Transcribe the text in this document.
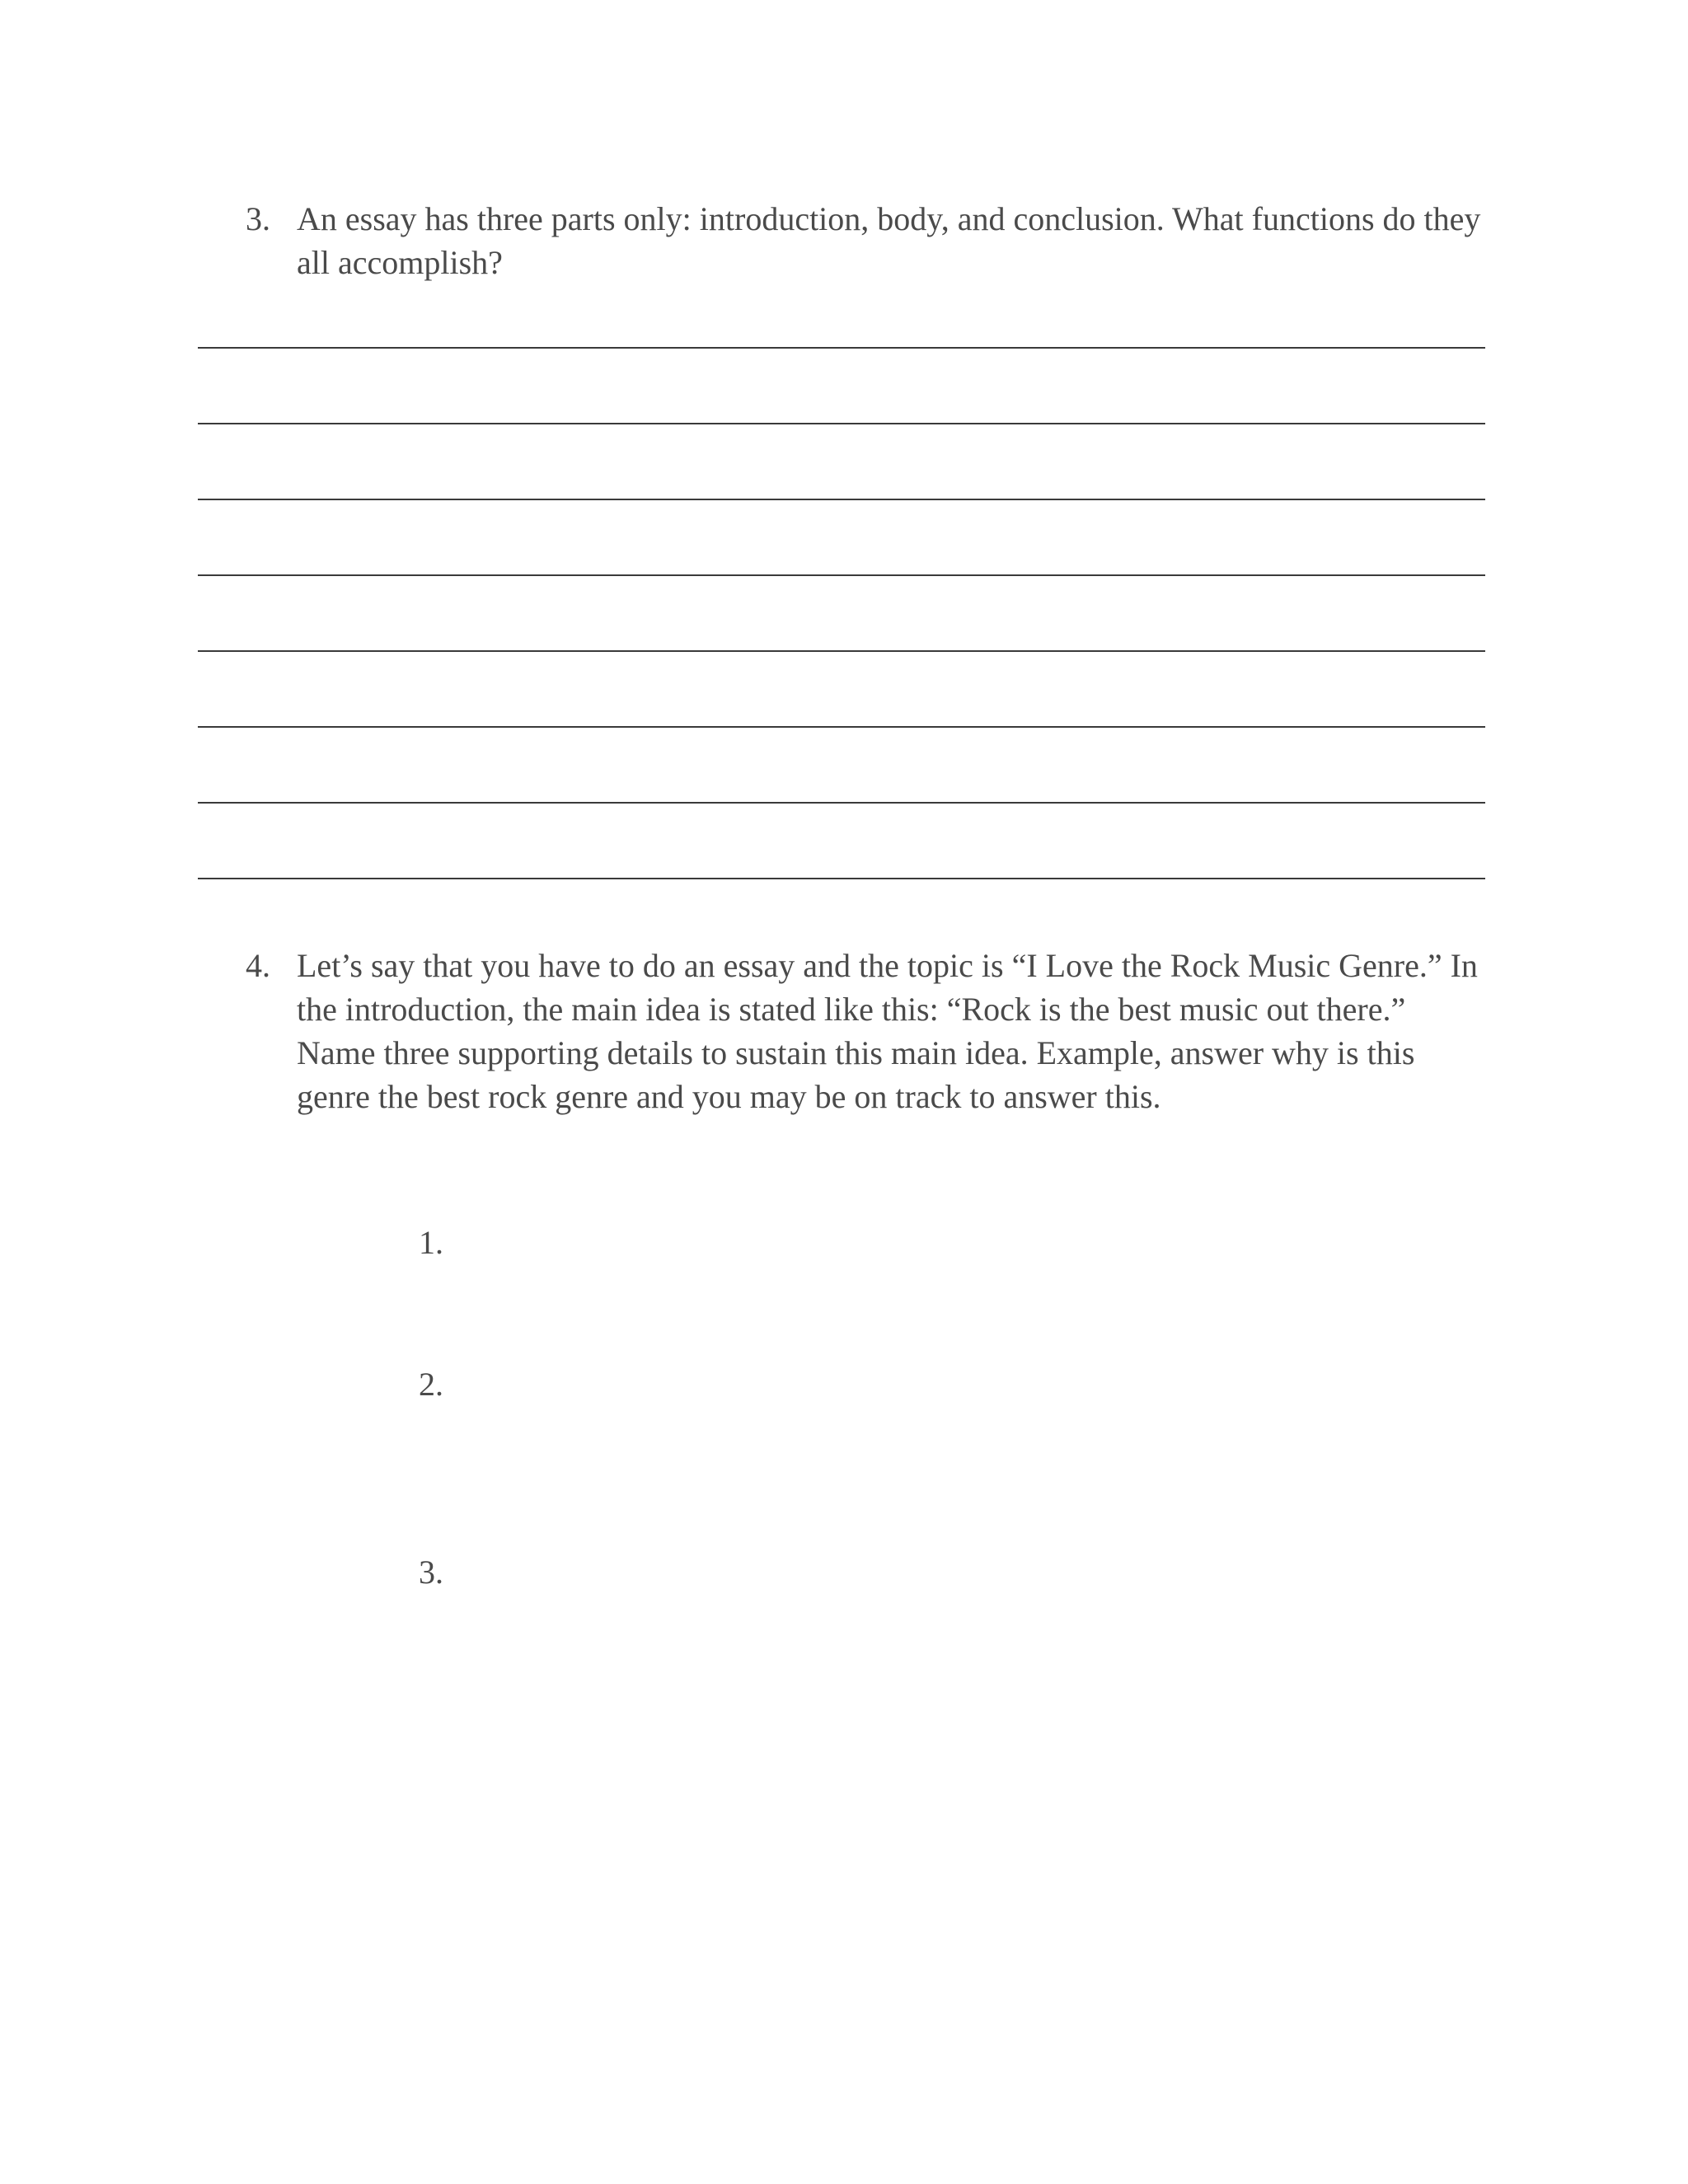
3. An essay has three parts only: introduction, body, and conclusion. What functions do they all accomplish?

4. Let’s say that you have to do an essay and the topic is “I Love the Rock Music Genre.” In the introduction, the main idea is stated like this: “Rock is the best music out there.” Name three supporting details to sustain this main idea. Example, answer why is this genre the best rock genre and you may be on track to answer this.

1.
2.
3.
